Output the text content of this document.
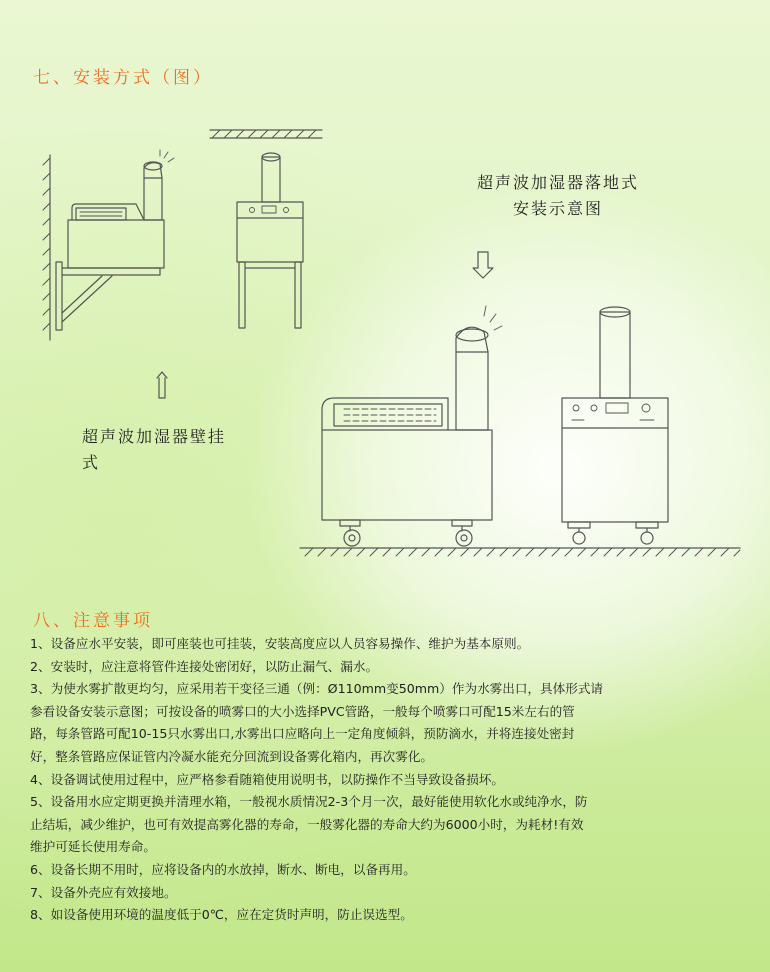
七、安装方式（图）
超声波加湿器落地式
安装示意图
超声波加湿器壁挂
式
八、注意事项

1、设备应水平安装，即可座装也可挂装，安装高度应以人员容易操作、维护为基本原则。

2、安装时，应注意将管件连接处密闭好，以防止漏气、漏水。

3、为使水雾扩散更均匀，应采用若干变径三通（例：Ø110mm变50mm）作为水雾出口，具体形式请

参看设备安装示意图；可按设备的喷雾口的大小选择PVC管路，一般每个喷雾口可配15米左右的管

路，每条管路可配10-15只水雾出口,水雾出口应略向上一定角度倾斜，预防滴水，并将连接处密封

好，整条管路应保证管内冷凝水能充分回流到设备雾化箱内，再次雾化。

4、设备调试使用过程中，应严格参看随箱使用说明书，以防操作不当导致设备损坏。

5、设备用水应定期更换并清理水箱，一般视水质情况2-3个月一次，最好能使用软化水或纯净水，防

止结垢，减少维护，也可有效提高雾化器的寿命，一般雾化器的寿命大约为6000小时，为耗材!有效

维护可延长使用寿命。

6、设备长期不用时，应将设备内的水放掉，断水、断电，以备再用。

7、设备外壳应有效接地。

8、如设备使用环境的温度低于0℃，应在定货时声明，防止误选型。
